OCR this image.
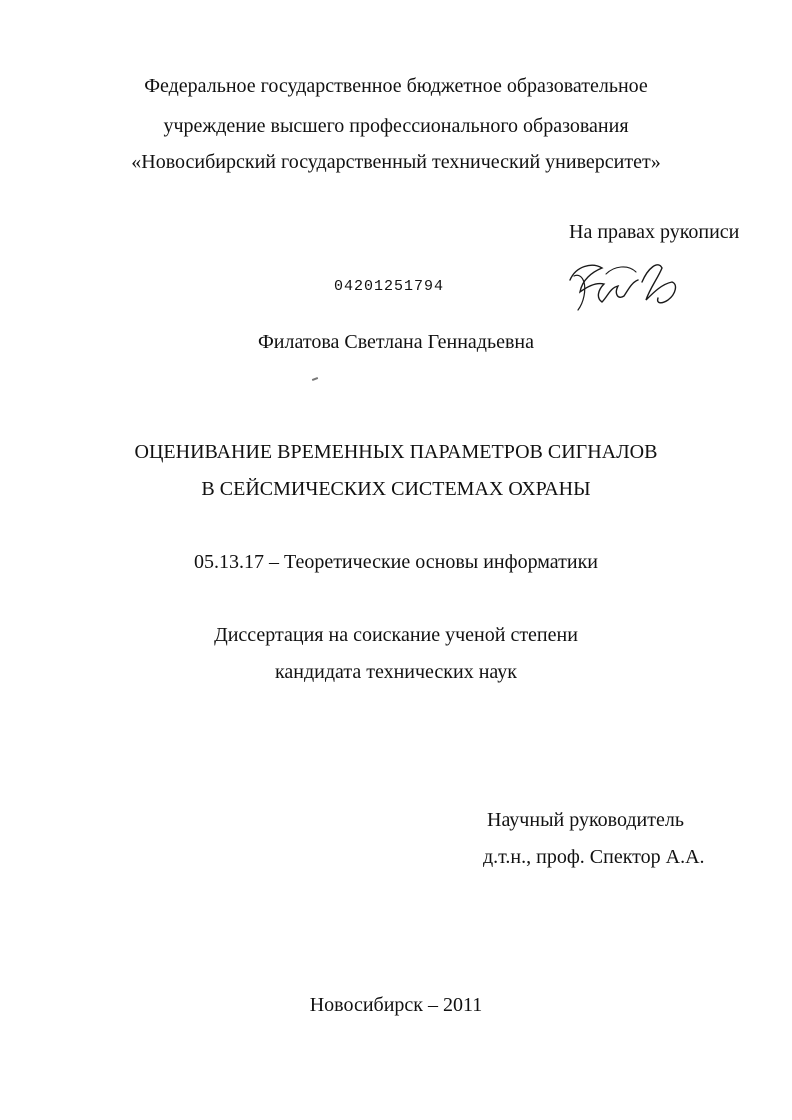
Федеральное государственное бюджетное образовательное
учреждение высшего профессионального образования
«Новосибирский государственный технический университет»
На правах рукописи
04201251794
Филатова Светлана Геннадьевна
ОЦЕНИВАНИЕ ВРЕМЕННЫХ ПАРАМЕТРОВ СИГНАЛОВ
В СЕЙСМИЧЕСКИХ СИСТЕМАХ ОХРАНЫ
05.13.17 – Теоретические основы информатики
Диссертация на соискание ученой степени
кандидата технических наук
Научный руководитель
д.т.н., проф. Спектор А.А.
Новосибирск – 2011
